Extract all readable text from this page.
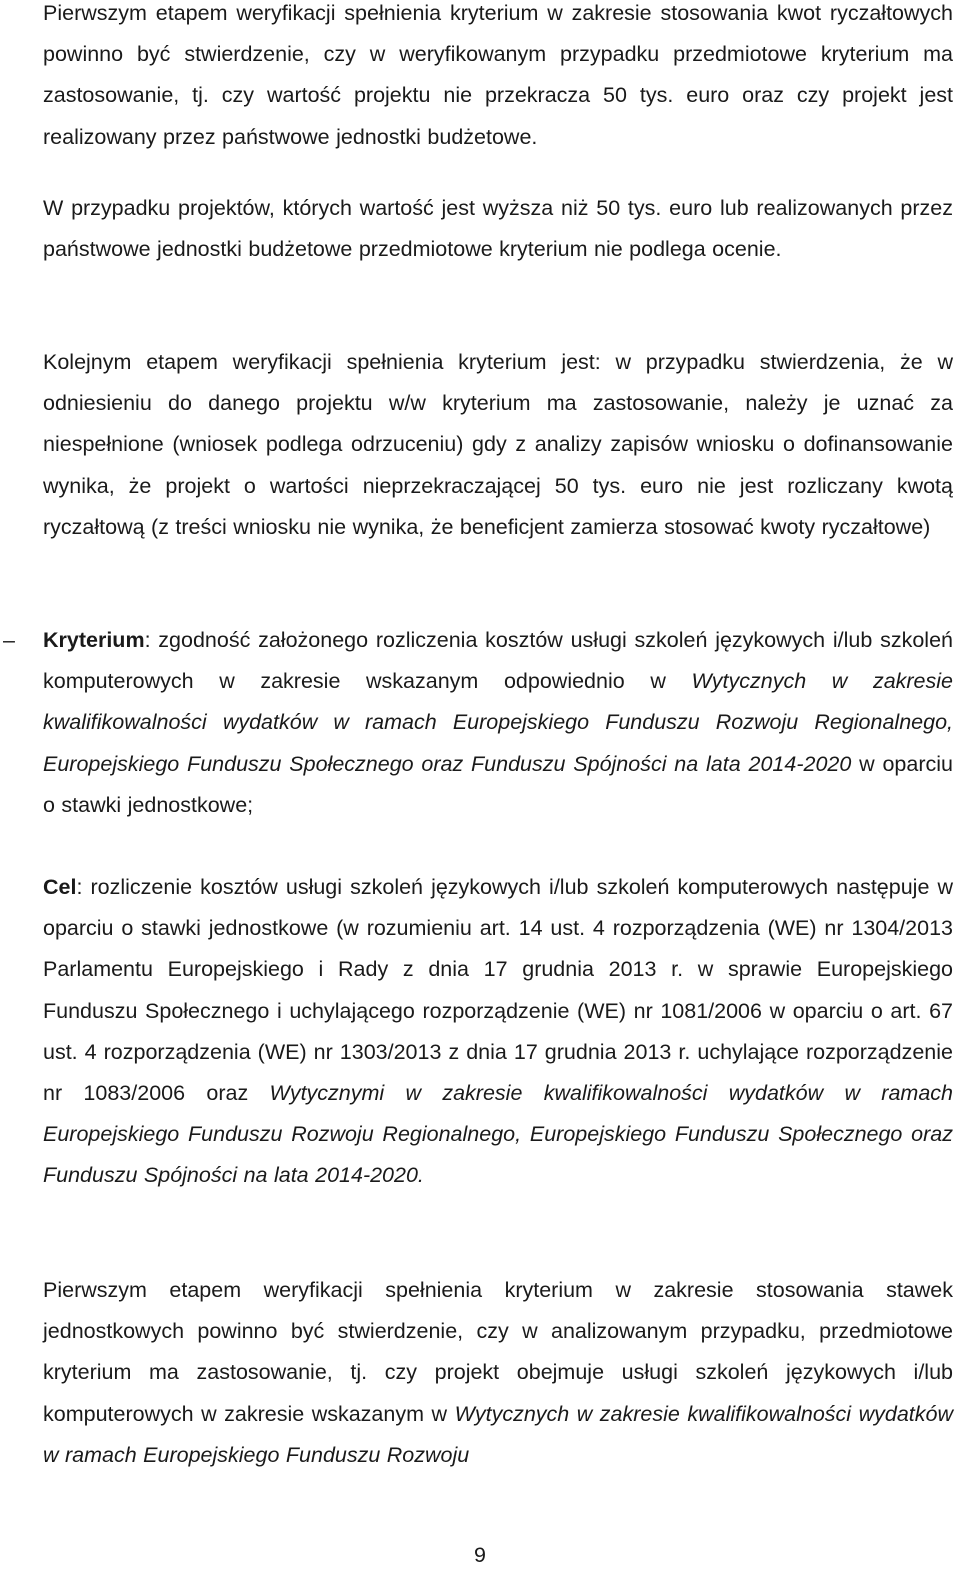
Pierwszym etapem weryfikacji spełnienia kryterium w zakresie stosowania kwot ryczałtowych powinno być stwierdzenie, czy w weryfikowanym przypadku przedmiotowe kryterium ma zastosowanie, tj. czy wartość projektu nie przekracza 50 tys. euro oraz czy projekt jest realizowany przez państwowe jednostki budżetowe.

W przypadku projektów, których wartość jest wyższa niż 50 tys. euro lub realizowanych przez państwowe jednostki budżetowe przedmiotowe kryterium nie podlega ocenie.

Kolejnym etapem weryfikacji spełnienia kryterium jest: w przypadku stwierdzenia, że w odniesieniu do danego projektu w/w kryterium ma zastosowanie, należy je uznać za niespełnione (wniosek podlega odrzuceniu) gdy z analizy zapisów wniosku o dofinansowanie wynika, że projekt o wartości nieprzekraczającej 50 tys. euro nie jest rozliczany kwotą ryczałtową (z treści wniosku nie wynika, że beneficjent zamierza stosować kwoty ryczałtowe)

– Kryterium: zgodność założonego rozliczenia kosztów usługi szkoleń językowych i/lub szkoleń komputerowych w zakresie wskazanym odpowiednio w Wytycznych w zakresie kwalifikowalności wydatków w ramach Europejskiego Funduszu Rozwoju Regionalnego, Europejskiego Funduszu Społecznego oraz Funduszu Spójności na lata 2014-2020 w oparciu o stawki jednostkowe;

Cel: rozliczenie kosztów usługi szkoleń językowych i/lub szkoleń komputerowych następuje w oparciu o stawki jednostkowe (w rozumieniu art. 14 ust. 4 rozporządzenia (WE) nr 1304/2013 Parlamentu Europejskiego i Rady z dnia 17 grudnia 2013 r. w sprawie Europejskiego Funduszu Społecznego i uchylającego rozporządzenie (WE) nr 1081/2006 w oparciu o art. 67 ust. 4 rozporządzenia (WE) nr 1303/2013 z dnia 17 grudnia 2013 r. uchylające rozporządzenie nr 1083/2006 oraz Wytycznymi w zakresie kwalifikowalności wydatków w ramach Europejskiego Funduszu Rozwoju Regionalnego, Europejskiego Funduszu Społecznego oraz Funduszu Spójności na lata 2014-2020.

Pierwszym etapem weryfikacji spełnienia kryterium w zakresie stosowania stawek jednostkowych powinno być stwierdzenie, czy w analizowanym przypadku, przedmiotowe kryterium ma zastosowanie, tj. czy projekt obejmuje usługi szkoleń językowych i/lub komputerowych w zakresie wskazanym w Wytycznych w zakresie kwalifikowalności wydatków w ramach Europejskiego Funduszu Rozwoju

9
